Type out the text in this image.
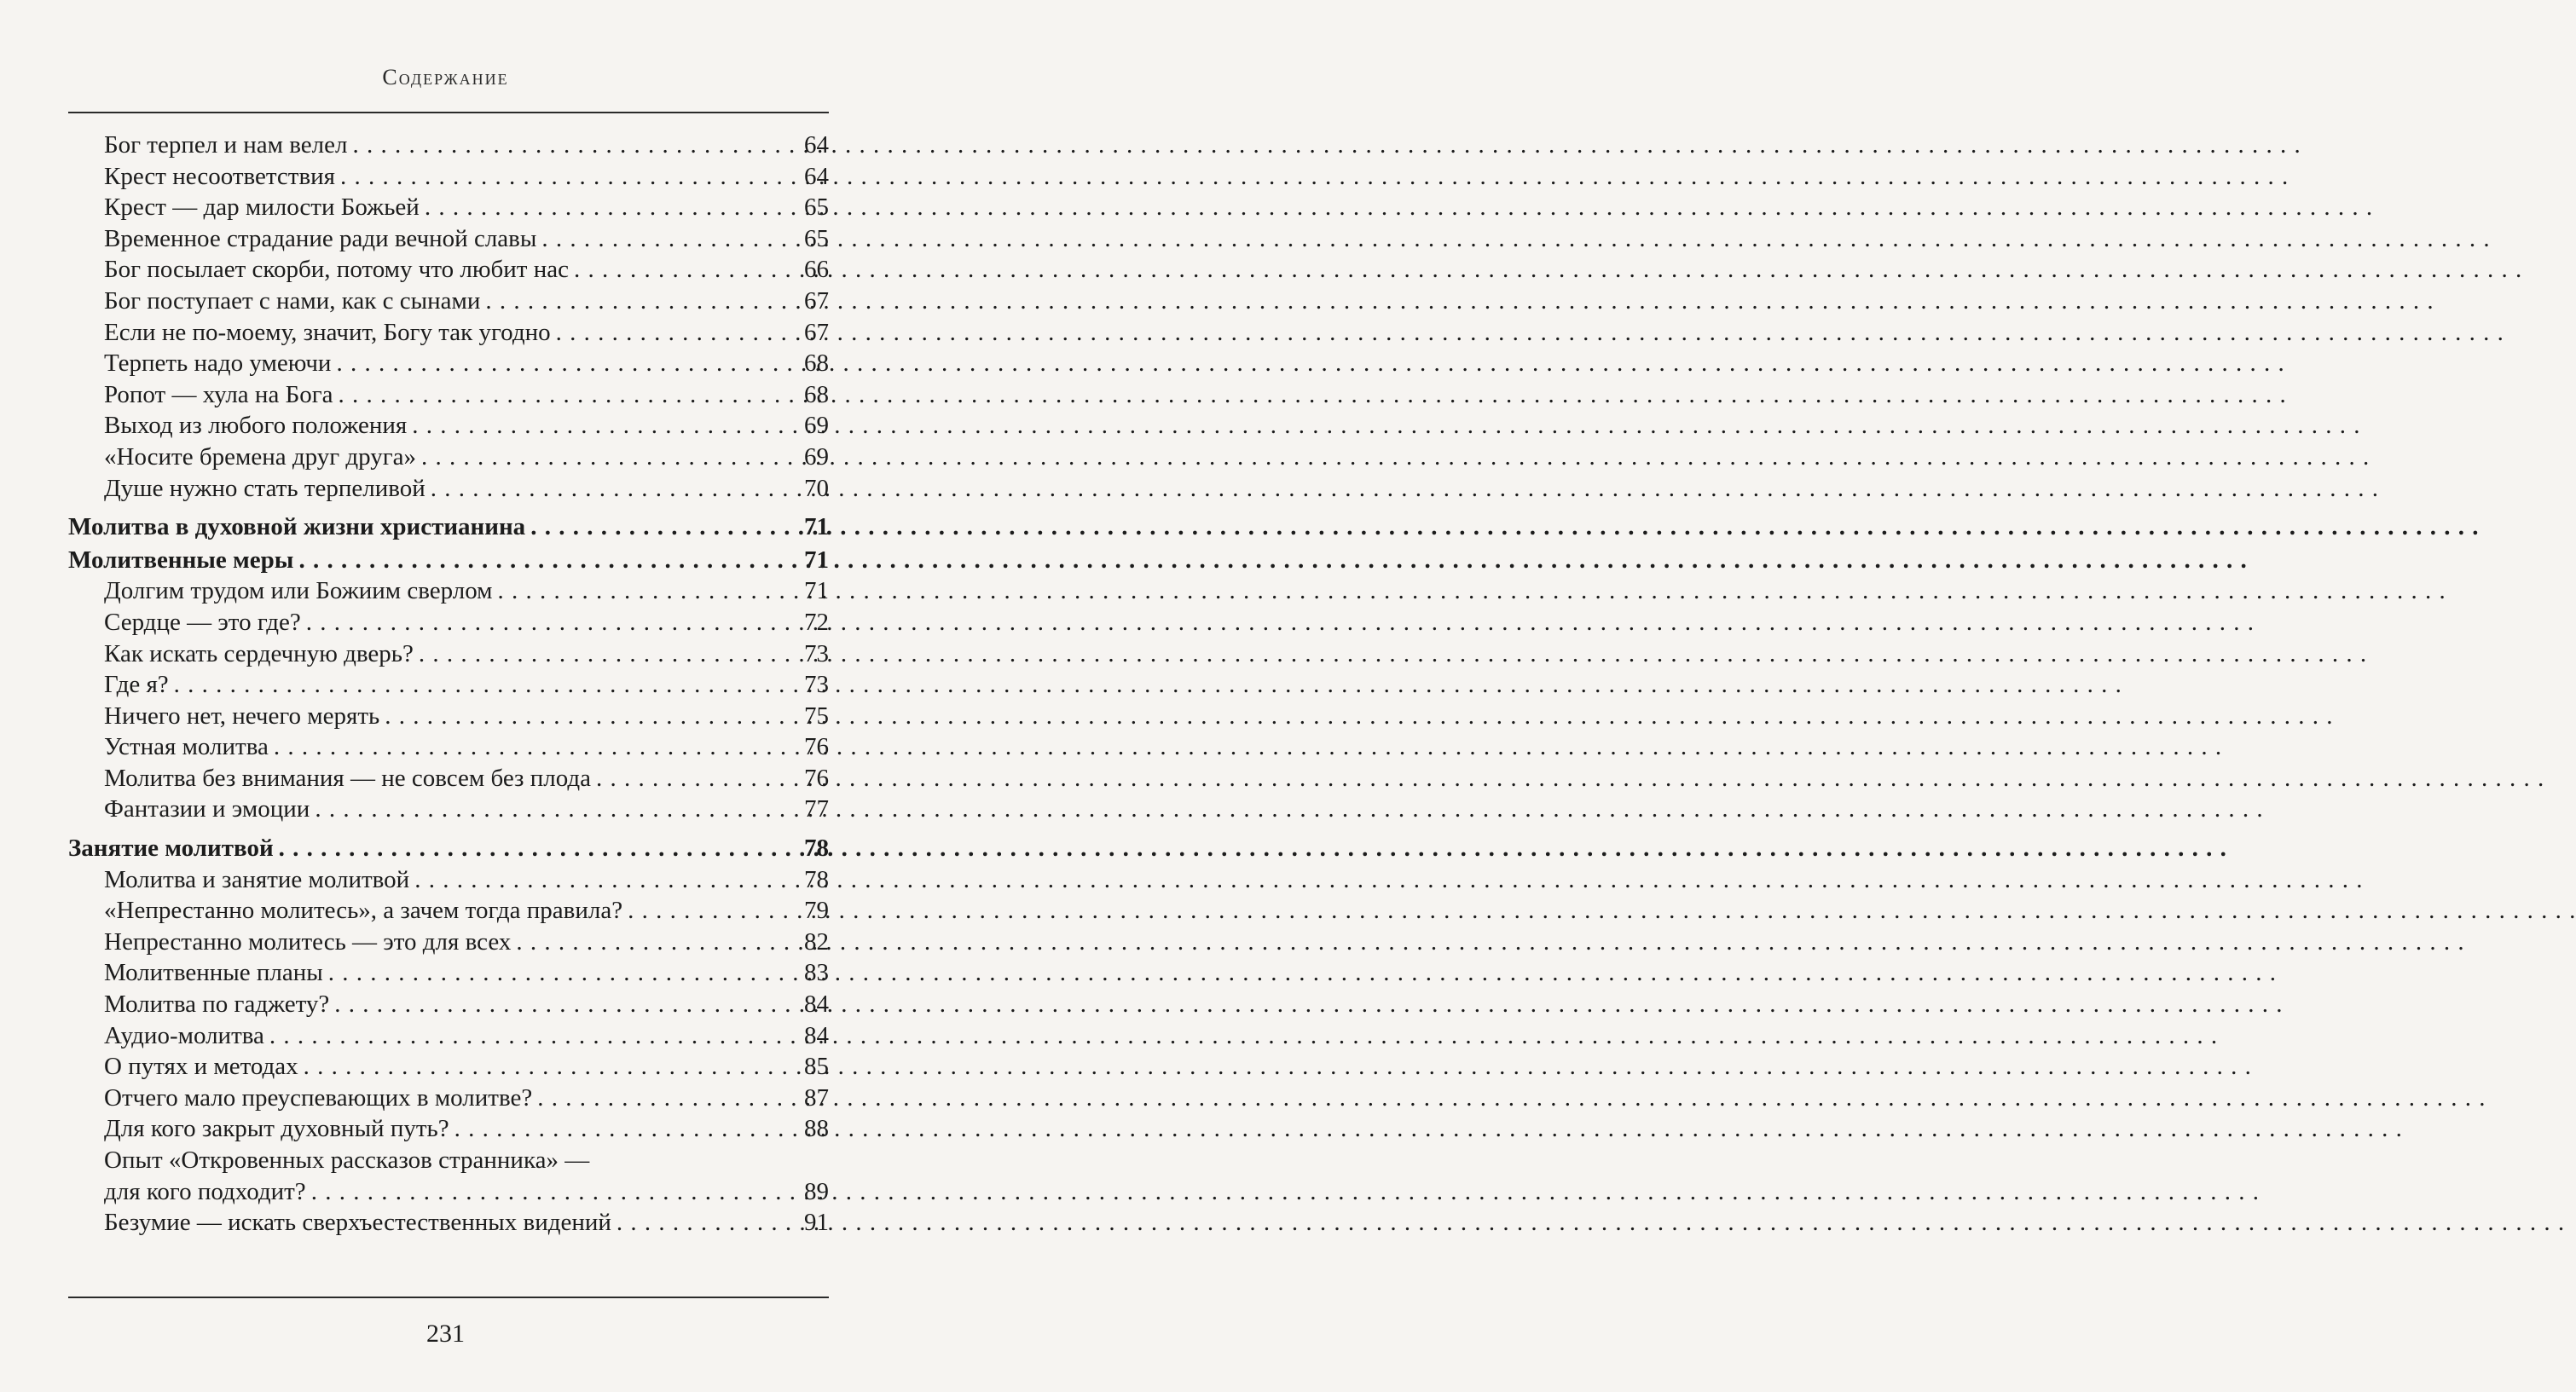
Содержание
Бог терпел и нам велел . . .	64
Крест несоответствия . . .	64
Крест — дар милости Божьей . . .	65
Временное страдание ради вечной славы . . .	65
Бог посылает скорби, потому что любит нас . . .	66
Бог поступает с нами, как с сынами . . .	67
Если не по-моему, значит, Богу так угодно . . .	67
Терпеть надо умеючи . . .	68
Ропот — хула на Бога . . .	68
Выход из любого положения . . .	69
«Носите бремена друг друга» . . .	69
Душе нужно стать терпеливой . . .	70
Молитва в духовной жизни христианина . . .	71
Молитвенные меры . . .	71
Долгим трудом или Божиим сверлом . . .	71
Сердце — это где? . . .	72
Как искать сердечную дверь? . . .	73
Где я? . . .	73
Ничего нет, нечего мерять . . .	75
Устная молитва . . .	76
Молитва без внимания — не совсем без плода . . .	76
Фантазии и эмоции . . .	77
Занятие молитвой . . .	78
Молитва и занятие молитвой . . .	78
«Непрестанно молитесь», а зачем тогда правила? . . .	79
Непрестанно молитесь — это для всех . . .	82
Молитвенные планы . . .	83
Молитва по гаджету? . . .	84
Аудио-молитва . . .	84
О путях и методах . . .	85
Отчего мало преуспевающих в молитве? . . .	87
Для кого закрыт духовный путь? . . .	88
Опыт «Откровенных рассказов странника» —
для кого подходит? . . .	89
Безумие — искать сверхъестественных видений . . .	91
231
